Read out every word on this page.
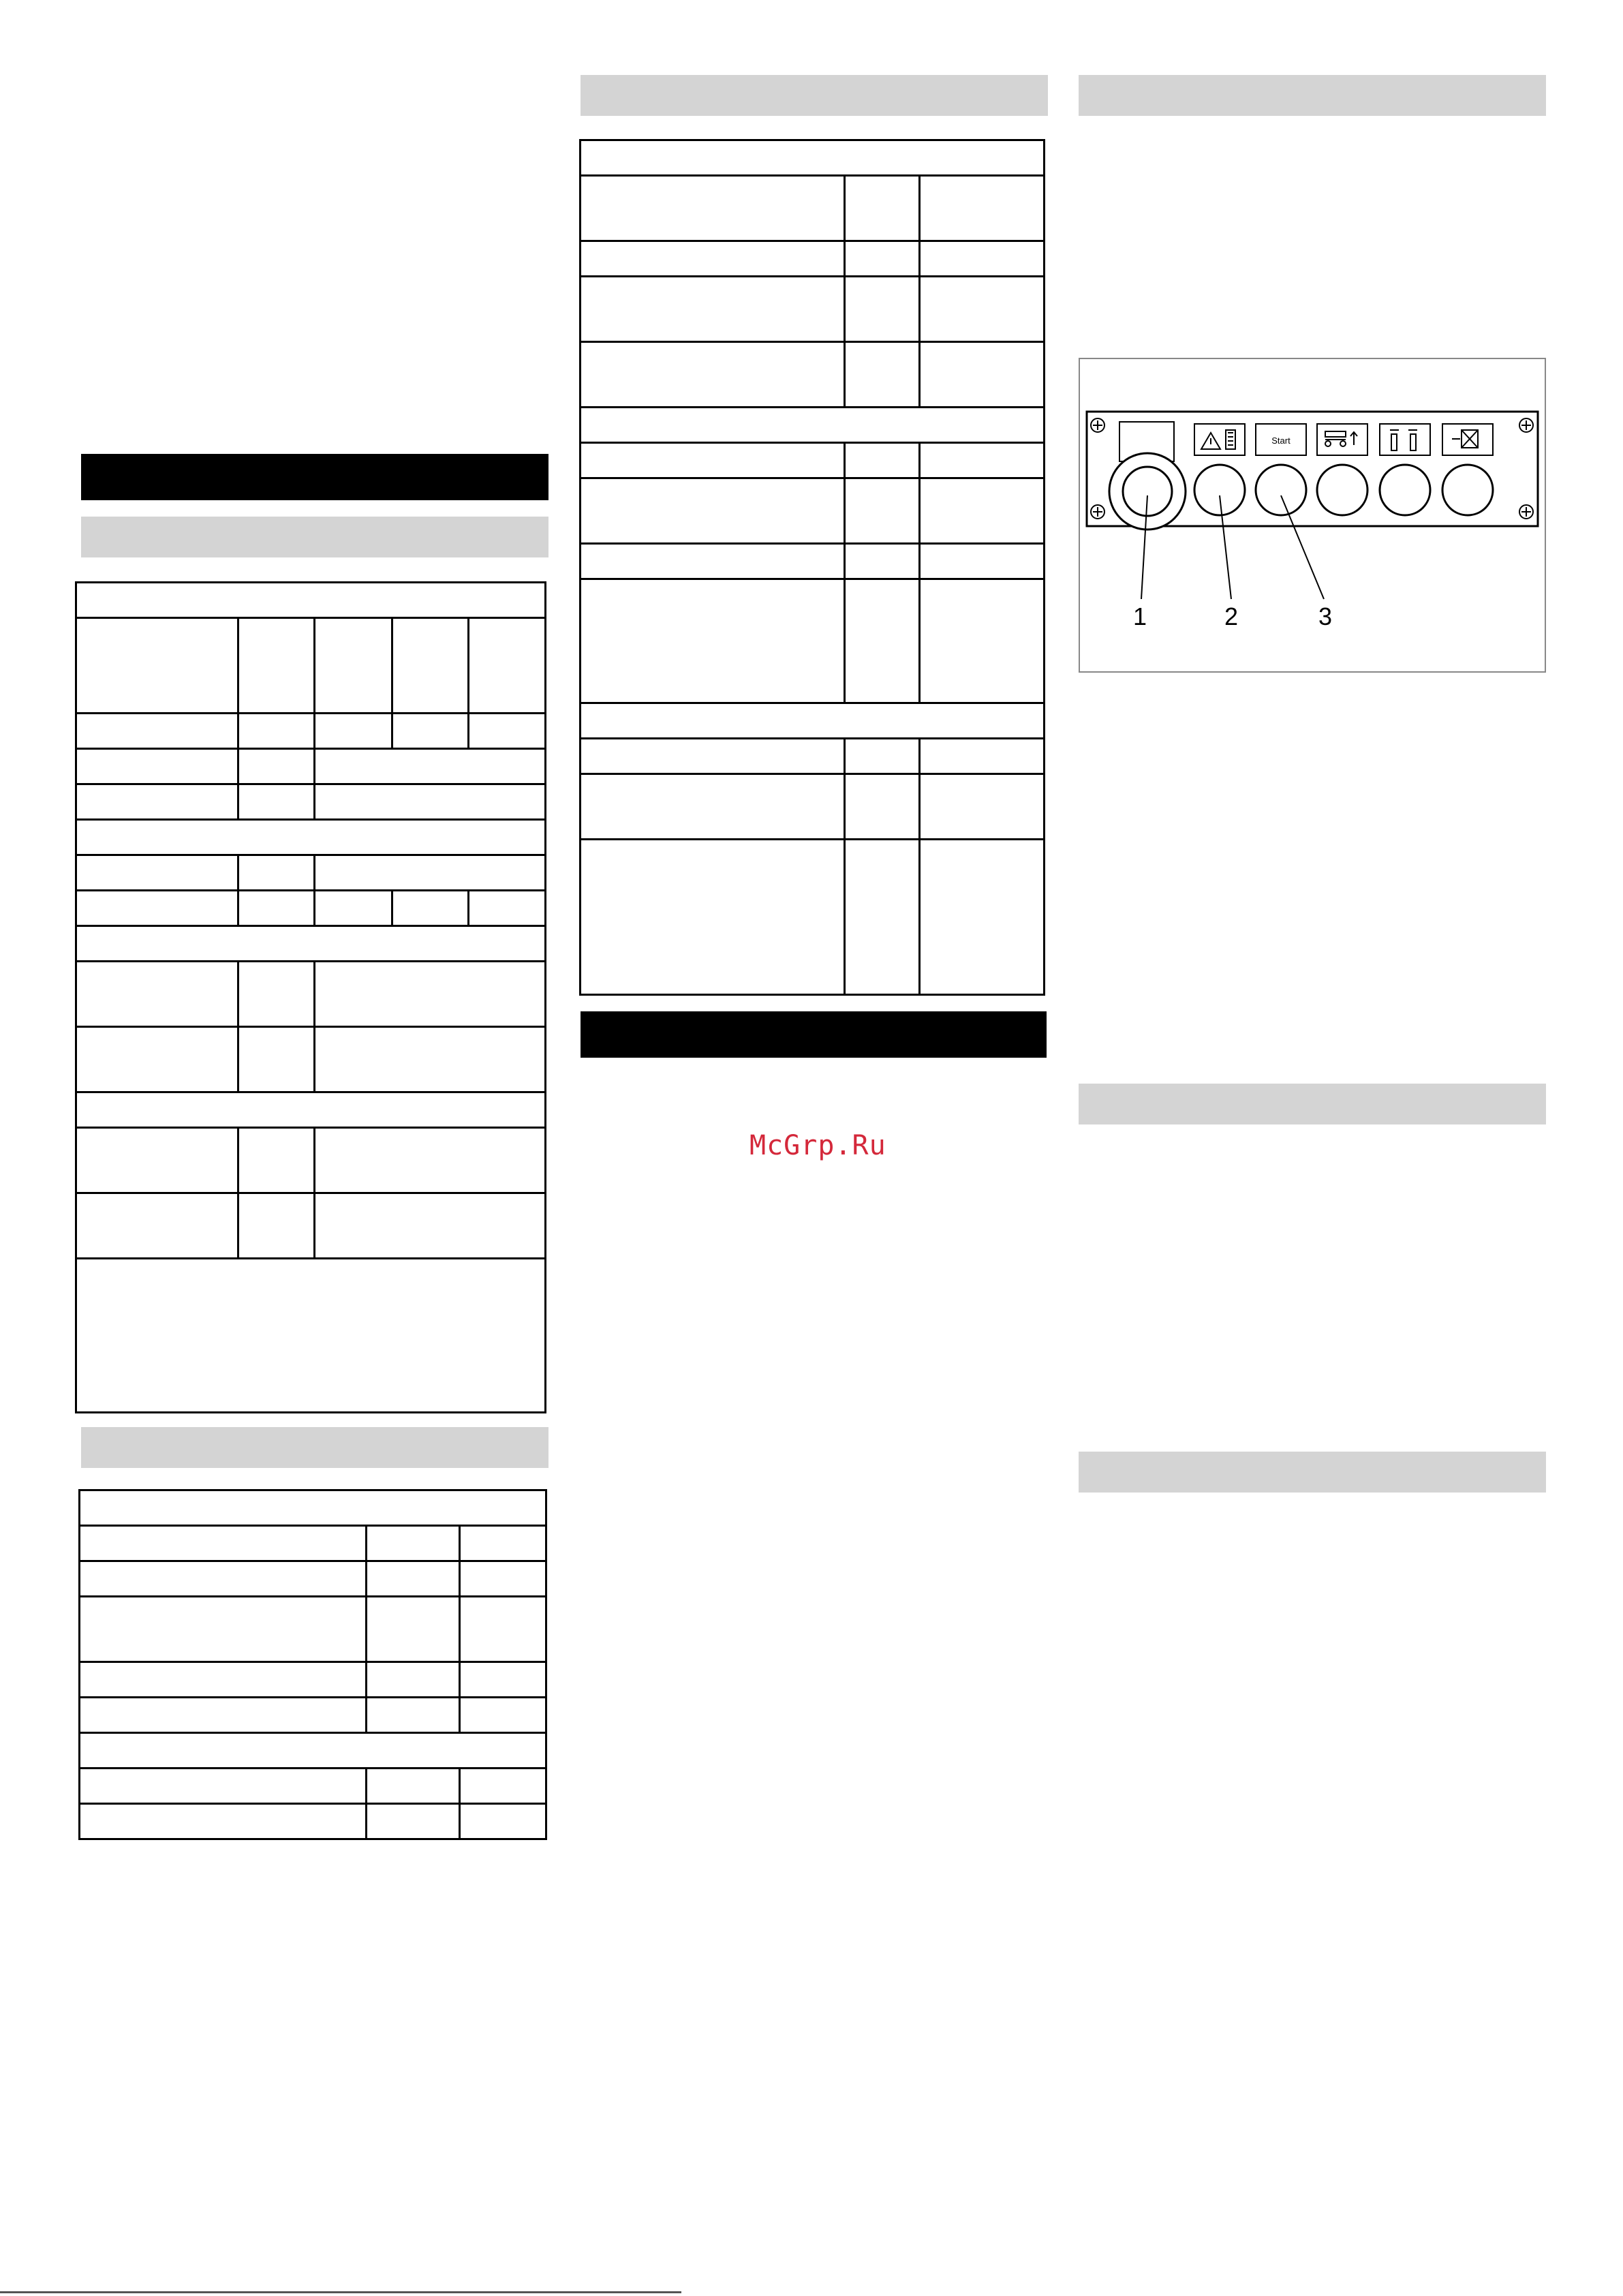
McGrp.Ru
Start
1	2	3
